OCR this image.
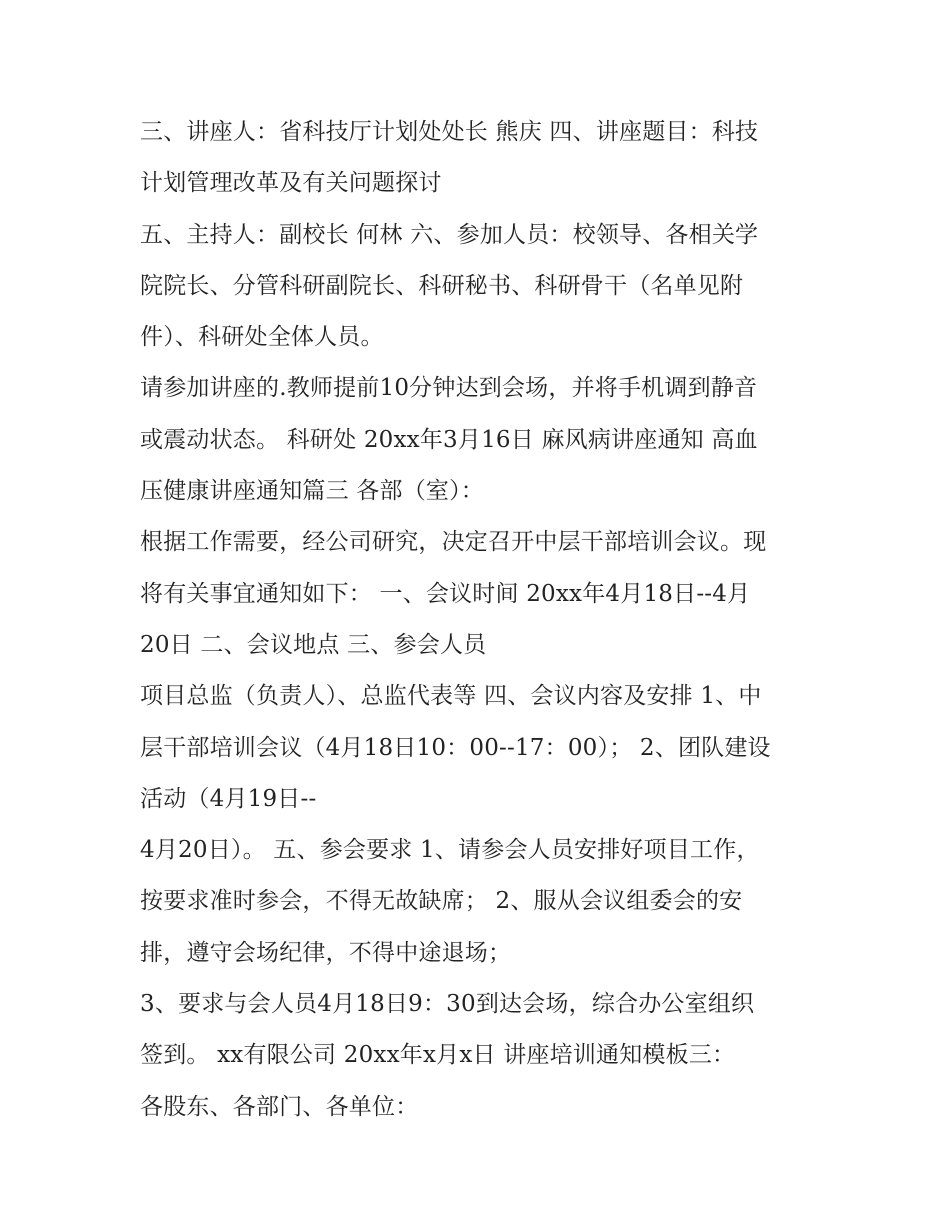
三、讲座人：省科技厅计划处处长 熊庆 四、讲座题目：科技
计划管理改革及有关问题探讨
五、主持人：副校长 何林 六、参加人员：校领导、各相关学
院院长、分管科研副院长、科研秘书、科研骨干（名单见附
件）、科研处全体人员。
请参加讲座的.教师提前10分钟达到会场，并将手机调到静音
或震动状态。 科研处 20xx年3月16日 麻风病讲座通知 高血
压健康讲座通知篇三 各部（室）：
根据工作需要，经公司研究，决定召开中层干部培训会议。现
将有关事宜通知如下： 一、会议时间 20xx年4月18日--4月
20日 二、会议地点 三、参会人员
项目总监（负责人）、总监代表等 四、会议内容及安排 1、中
层干部培训会议（4月18日10：00--17：00）； 2、团队建设
活动（4月19日--
4月20日）。 五、参会要求 1、请参会人员安排好项目工作，
按要求准时参会，不得无故缺席； 2、服从会议组委会的安
排，遵守会场纪律，不得中途退场；
3、要求与会人员4月18日9：30到达会场，综合办公室组织
签到。 xx有限公司 20xx年x月x日 讲座培训通知模板三：
各股东、各部门、各单位：
